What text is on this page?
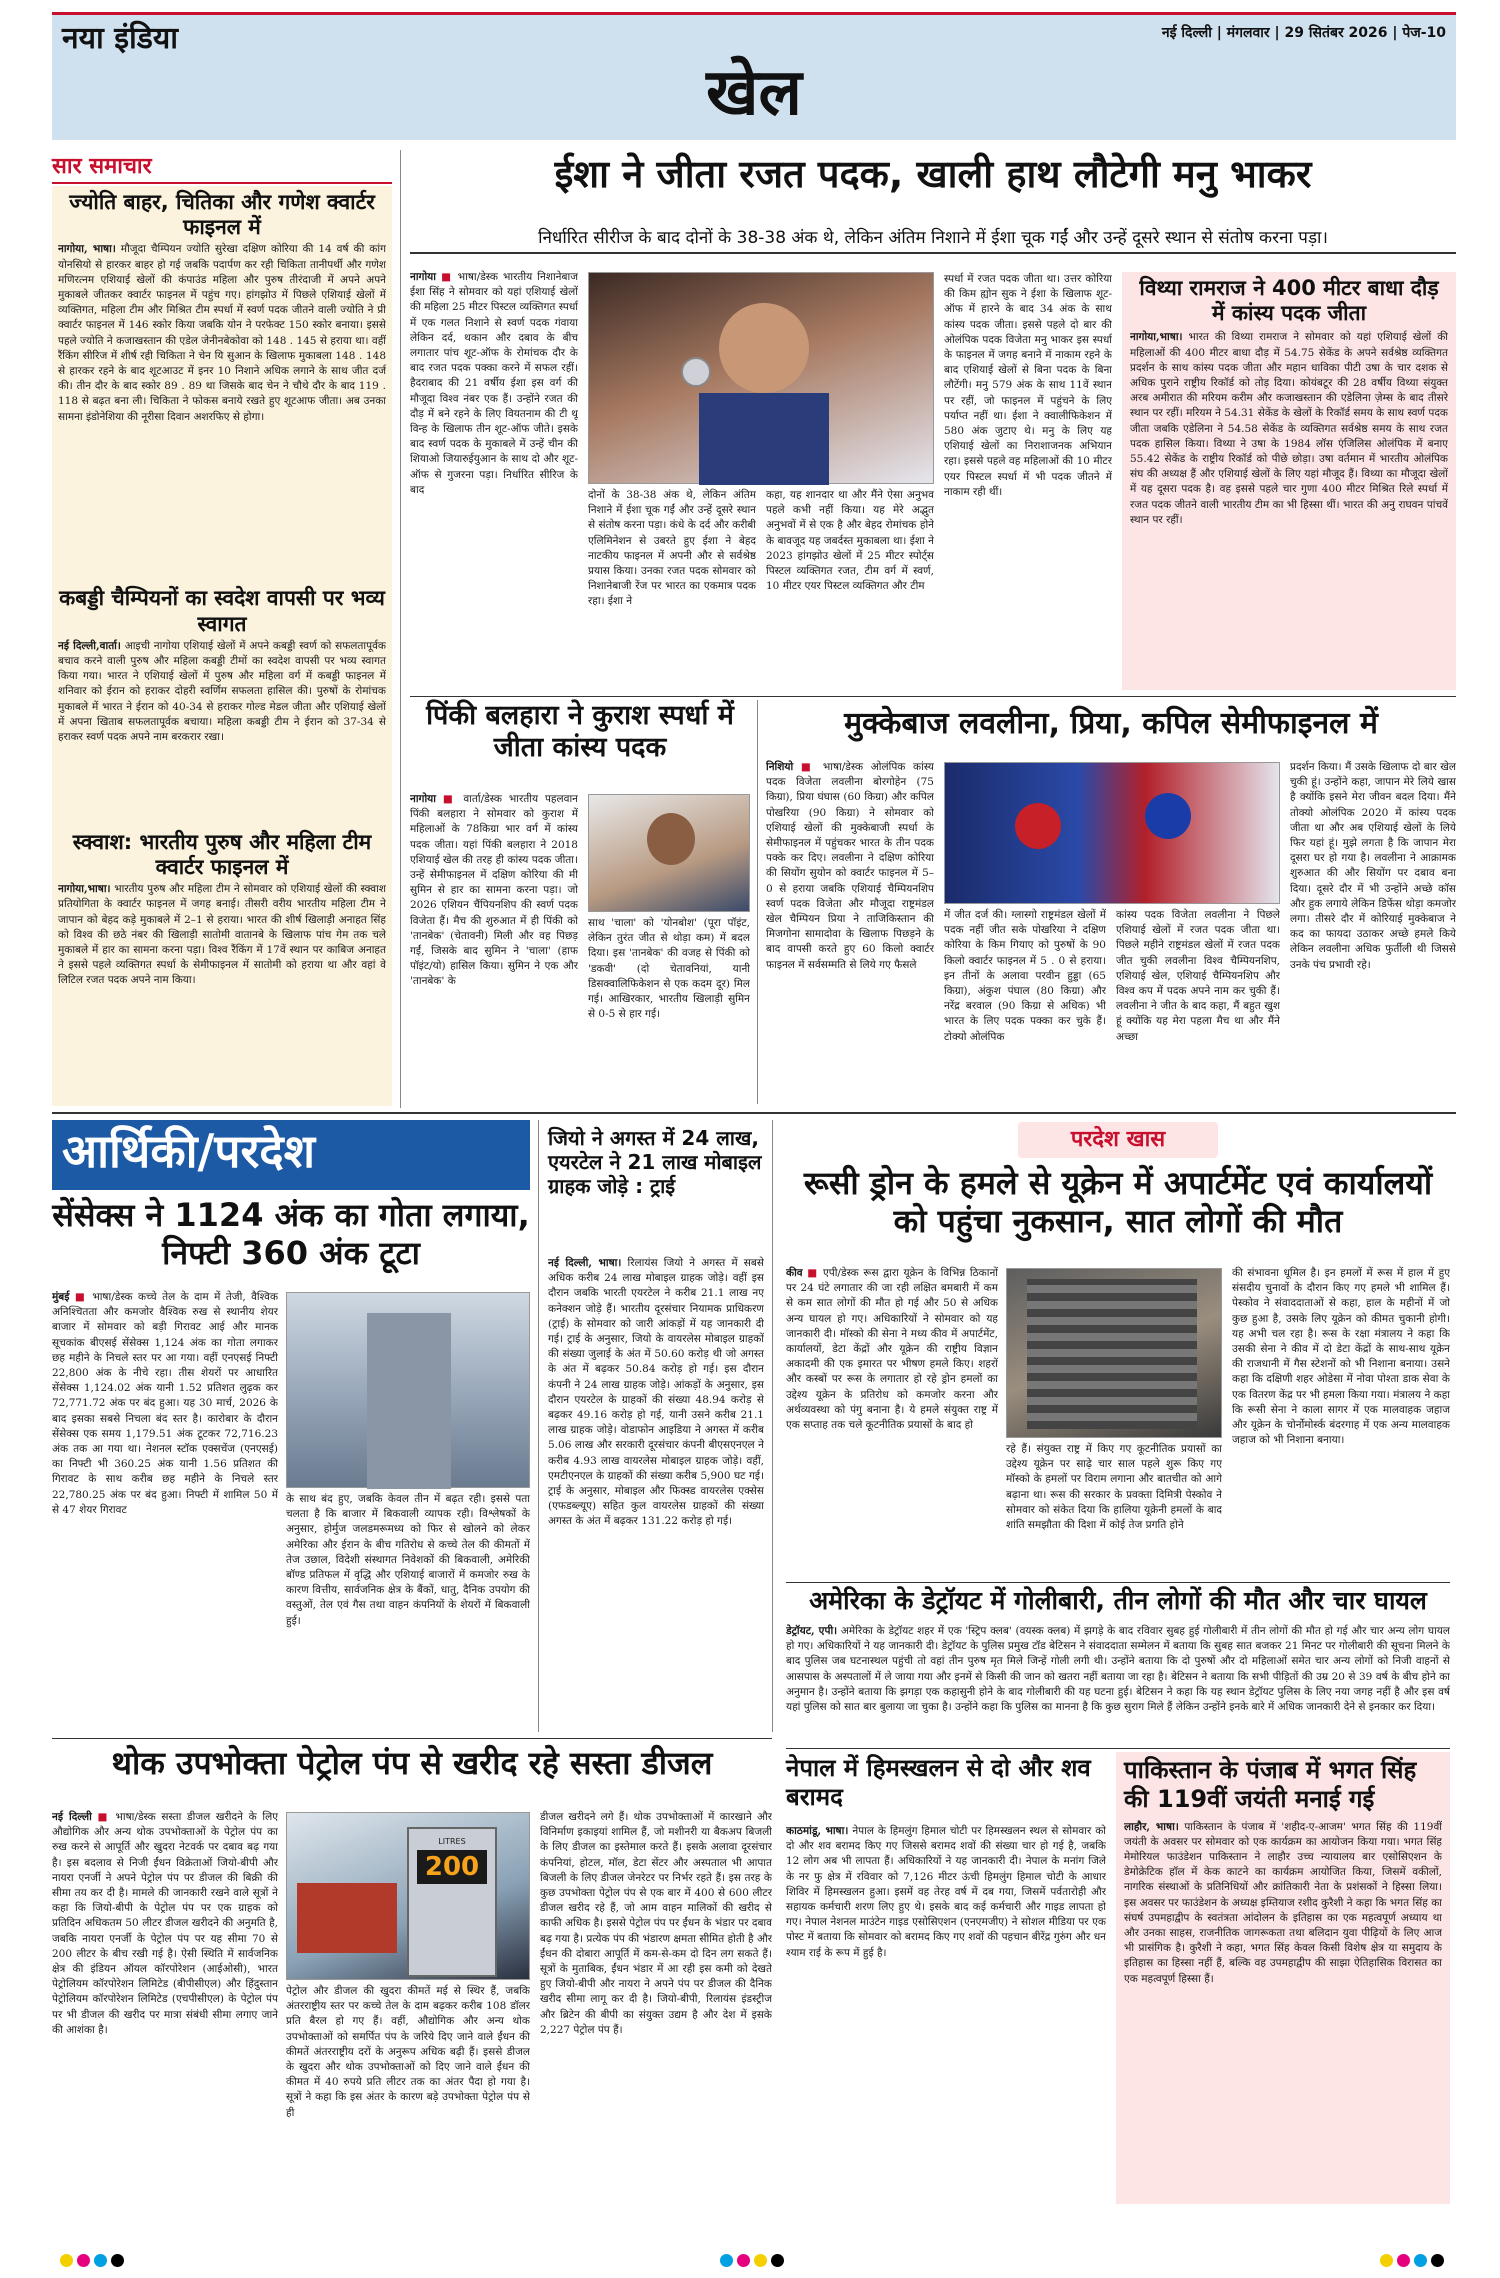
नया इंडिया	नई दिल्ली | मंगलवार | 29 सितंबर 2026 | पेज-10
खेल
सार समाचार
ज्योति बाहर, चितिका और गणेश क्वार्टर फाइनल में
नागोया, भाषा। मौजूदा चैम्पियन ज्योति सुरेखा दक्षिण कोरिया की 14 वर्ष की कांग योनसियो से हारकर बाहर हो गई जबकि पदार्पण कर रही चिकिता तानीपर्थी और गणेश मणिरत्नम एशियाई खेलों की कंपाउंड महिला और पुरुष तीरंदाजी में अपने अपने मुकाबले जीतकर क्वार्टर फाइनल में पहुंच गए। हांगझोउ में पिछले एशियाई खेलों में व्यक्तिगत, महिला टीम और मिश्रित टीम स्पर्धा में स्वर्ण पदक जीतने वाली ज्योति ने प्री क्वार्टर फाइनल में 146 स्कोर किया जबकि योन ने परफेक्ट 150 स्कोर बनाया। इससे पहले ज्योति ने कजाखस्तान की एडेल जेनीनबेकोवा को 148 . 145 से हराया था। वहीं रैंकिंग सीरिज में शीर्ष रही चिकिता ने चेन यि सुआन के खिलाफ मुकाबला 148 . 148 से हारकर रहने के बाद शूटआउट में इनर 10 निशाने अधिक लगाने के साथ जीत दर्ज की। तीन दौर के बाद स्कोर 89 . 89 था जिसके बाद चेन ने चौथे दौर के बाद 119 . 118 से बढ़त बना ली। चिकिता ने फोकस बनाये रखते हुए शूटआफ जीता। अब उनका सामना इंडोनेशिया की नूरीसा दिवान अशरफिए से होगा।
कबड्डी चैम्पियनों का स्वदेश वापसी पर भव्य स्वागत
नई दिल्ली,वार्ता। आइची नागोया एशियाई खेलों में अपने कबड्डी स्वर्ण को सफलतापूर्वक बचाव करने वाली पुरुष और महिला कबड्डी टीमों का स्वदेश वापसी पर भव्य स्वागत किया गया। भारत ने एशियाई खेलों में पुरुष और महिला वर्ग में कबड्डी फाइनल में शनिवार को ईरान को हराकर दोहरी स्वर्णिम सफलता हासिल की। पुरुषों के रोमांचक मुकाबले में भारत ने ईरान को 40-34 से हराकर गोल्ड मेडल जीता और एशियाई खेलों में अपना खिताब सफलतापूर्वक बचाया। महिला कबड्डी टीम ने ईरान को 37-34 से हराकर स्वर्ण पदक अपने नाम बरकरार रखा।
स्क्वाश: भारतीय पुरुष और महिला टीम क्वार्टर फाइनल में
नागोया,भाषा। भारतीय पुरुष और महिला टीम ने सोमवार को एशियाई खेलों की स्क्वाश प्रतियोगिता के क्वार्टर फाइनल में जगह बनाई। तीसरी वरीय भारतीय महिला टीम ने जापान को बेहद कड़े मुकाबले में 2–1 से हराया। भारत की शीर्ष खिलाड़ी अनाहत सिंह को विश्व की छठे नंबर की खिलाड़ी सातोमी वातानबे के खिलाफ पांच गेम तक चले मुकाबले में हार का सामना करना पड़ा। विश्व रैंकिंग में 17वें स्थान पर काबिज अनाहत ने इससे पहले व्यक्तिगत स्पर्धा के सेमीफाइनल में सातोमी को हराया था और वहां वे लिटिल रजत पदक अपने नाम किया।
ईशा ने जीता रजत पदक, खाली हाथ लौटेगी मनु भाकर
निर्धारित सीरीज के बाद दोनों के 38-38 अंक थे, लेकिन अंतिम निशाने में ईशा चूक गईं और उन्हें दूसरे स्थान से संतोष करना पड़ा।
नागोया ■ भाषा/डेस्क भारतीय निशानेबाज ईशा सिंह ने सोमवार को यहां एशियाई खेलों की महिला 25 मीटर पिस्टल व्यक्तिगत स्पर्धा में एक गलत निशाने से स्वर्ण पदक गंवाया लेकिन दर्द, थकान और दबाव के बीच लगातार पांच शूट-ऑफ के रोमांचक दौर के बाद रजत पदक पक्का करने में सफल रहीं। हैदराबाद की 21 वर्षीय ईशा इस वर्ग की मौजूदा विश्व नंबर एक हैं। उन्होंने रजत की दौड़ में बने रहने के लिए वियतनाम की टी थू विन्ह के खिलाफ तीन शूट-ऑफ जीते। इसके बाद स्वर्ण पदक के मुकाबले में उन्हें चीन की शियाओ जियारुईयुआन के साथ दो और शूट-ऑफ से गुजरना पड़ा। निर्धारित सीरिज के बाद	दोनों के 38-38 अंक थे, लेकिन अंतिम निशाने में ईशा चूक गईं और उन्हें दूसरे स्थान से संतोष करना पड़ा। कंधे के दर्द और करीबी एलिमिनेशन से उबरते हुए ईशा ने बेहद नाटकीय फाइनल में अपनी और से सर्वश्रेष्ठ प्रयास किया। उनका रजत पदक सोमवार को निशानेबाजी रेंज पर भारत का एकमात्र पदक रहा। ईशा ने
कहा, यह शानदार था और मैंने ऐसा अनुभव पहले कभी नहीं किया। यह मेरे अद्भुत अनुभवों में से एक है और बेहद रोमांचक होने के बावजूद यह जबर्दस्त मुकाबला था। ईशा ने 2023 हांगझोउ खेलों में 25 मीटर स्पोर्ट्स पिस्टल व्यक्तिगत रजत, टीम वर्ग में स्वर्ण, 10 मीटर एयर पिस्टल व्यक्तिगत और टीम
स्पर्धा में रजत पदक जीता था। उत्तर कोरिया की किम ह्योन सुक ने ईशा के खिलाफ शूट-ऑफ में हारने के बाद 34 अंक के साथ कांस्य पदक जीता। इससे पहले दो बार की ओलंपिक पदक विजेता मनु भाकर इस स्पर्धा के फाइनल में जगह बनाने में नाकाम रहने के बाद एशियाई खेलों से बिना पदक के बिना लौटेंगी। मनु 579 अंक के साथ 11वें स्थान पर रहीं, जो फाइनल में पहुंचने के लिए पर्याप्त नहीं था। ईशा ने क्वालीफिकेशन में 580 अंक जुटाए थे। मनु के लिए यह एशियाई खेलों का निराशाजनक अभियान रहा। इससे पहले वह महिलाओं की 10 मीटर एयर पिस्टल स्पर्धा में भी पदक जीतने में नाकाम रही थीं।
विथ्या रामराज ने 400 मीटर बाधा दौड़ में कांस्य पदक जीता
नागोया,भाषा। भारत की विथ्या रामराज ने सोमवार को यहां एशियाई खेलों की महिलाओं की 400 मीटर बाधा दौड़ में 54.75 सेकेंड के अपने सर्वश्रेष्ठ व्यक्तिगत प्रदर्शन के साथ कांस्य पदक जीता और महान धाविका पीटी उषा के चार दशक से अधिक पुराने राष्ट्रीय रिकॉर्ड को तोड़ दिया। कोयंबटूर की 28 वर्षीय विथ्या संयुक्त अरब अमीरात की मरियम करीम और कजाखस्तान की एडेलिना ज़ेम्स के बाद तीसरे स्थान पर रहीं। मरियम ने 54.31 सेकेंड के खेलों के रिकॉर्ड समय के साथ स्वर्ण पदक जीता जबकि एडेलिना ने 54.58 सेकेंड के व्यक्तिगत सर्वश्रेष्ठ समय के साथ रजत पदक हासिल किया। विथ्या ने उषा के 1984 लॉस एंजिलिस ओलंपिक में बनाए 55.42 सेकेंड के राष्ट्रीय रिकॉर्ड को पीछे छोड़ा। उषा वर्तमान में भारतीय ओलंपिक संघ की अध्यक्ष हैं और एशियाई खेलों के लिए यहां मौजूद हैं। विथ्या का मौजूदा खेलों में यह दूसरा पदक है। वह इससे पहले चार गुणा 400 मीटर मिश्रित रिले स्पर्धा में रजत पदक जीतने वाली भारतीय टीम का भी हिस्सा थीं। भारत की अनु राघवन पांचवें स्थान पर रहीं।
पिंकी बलहारा ने कुराश स्पर्धा में जीता कांस्य पदक
नागोया ■ वार्ता/डेस्क भारतीय पहलवान पिंकी बलहारा ने सोमवार को कुराश में महिलाओं के 78किग्रा भार वर्ग में कांस्य पदक जीता। यहां पिंकी बलहारा ने 2018 एशियाई खेल की तरह ही कांस्य पदक जीता। उन्हें सेमीफाइनल में दक्षिण कोरिया की मी सुमिन से हार का सामना करना पड़ा। जो 2026 एशियन चैंपियनशिप की स्वर्ण पदक विजेता हैं। मैच की शुरुआत में ही पिंकी को 'तानबेक' (चेतावनी) मिली और वह पिछड़ गईं, जिसके बाद सुमिन ने 'चाला' (हाफ पॉइंट/यो) हासिल किया। सुमिन ने एक और 'तानबेक' के
साथ 'चाला' को 'योनबोश' (पूरा पॉइंट, लेकिन तुरंत जीत से थोड़ा कम) में बदल दिया। इस 'तानबेक' की वजह से पिंकी को 'डकवी' (दो चेतावनियां, यानी डिसक्वालिफिकेशन से एक कदम दूर) मिल गई। आखिरकार, भारतीय खिलाड़ी सुमिन से 0-5 से हार गई।
मुक्केबाज लवलीना, प्रिया, कपिल सेमीफाइनल में
निशियो ■ भाषा/डेस्क ओलंपिक कांस्य पदक विजेता लवलीना बोरगोहेन (75 किग्रा), प्रिया घंघास (60 किग्रा) और कपिल पोखरिया (90 किग्रा) ने सोमवार को एशियाई खेलों की मुक्केबाजी स्पर्धा के सेमीफाइनल में पहुंचकर भारत के तीन पदक पक्के कर दिए। लवलीना ने दक्षिण कोरिया की सियोंग सुयोन को क्वार्टर फाइनल में 5–0 से हराया जबकि एशियाई चैम्पियनशिप स्वर्ण पदक विजेता और मौजूदा राष्ट्रमंडल खेल चैम्पियन प्रिया ने ताजिकिस्तान की मिजगोना सामादोवा के खिलाफ पिछड़ने के बाद वापसी करते हुए 60 किलो क्वार्टर फाइनल में सर्वसम्मति से लिये गए फैसले
में जीत दर्ज की। ग्लास्गो राष्ट्रमंडल खेलों में पदक नहीं जीत सके पोखरिया ने दक्षिण कोरिया के किम गियाए को पुरुषों के 90 किलो क्वार्टर फाइनल में 5 . 0 से हराया। इन तीनों के अलावा परवीन हुड्डा (65 किग्रा), अंकुश पंघाल (80 किग्रा) और नरेंद्र बरवाल (90 किग्रा से अधिक) भी भारत के लिए पदक पक्का कर चुके हैं। टोक्यो ओलंपिक
कांस्य पदक विजेता लवलीना ने पिछले एशियाई खेलों में रजत पदक जीता था। पिछले महीने राष्ट्रमंडल खेलों में रजत पदक जीत चुकी लवलीना विश्व चैम्पियनशिप, एशियाई खेल, एशियाई चैम्पियनशिप और विश्व कप में पदक अपने नाम कर चुकी हैं। लवलीना ने जीत के बाद कहा, मैं बहुत खुश हूं क्योंकि यह मेरा पहला मैच था और मैंने अच्छा
प्रदर्शन किया। मैं उसके खिलाफ दो बार खेल चुकी हूं। उन्होंने कहा, जापान मेरे लिये खास है क्योंकि इसने मेरा जीवन बदल दिया। मैंने तोक्यो ओलंपिक 2020 में कांस्य पदक जीता था और अब एशियाई खेलों के लिये फिर यहां हूं। मुझे लगता है कि जापान मेरा दूसरा घर हो गया है। लवलीना ने आक्रामक शुरुआत की और सियोंग पर दबाव बना दिया। दूसरे दौर में भी उन्होंने अच्छे कॉस और हुक लगाये लेकिन डिफेंस थोड़ा कमजोर लगा। तीसरे दौर में कोरियाई मुक्केबाज ने कद का फायदा उठाकर अच्छे हमले किये लेकिन लवलीना अधिक फुर्तीली थी जिससे उनके पंच प्रभावी रहे।
आर्थिकी/परदेश
सेंसेक्स ने 1124 अंक का गोता लगाया, निफ्टी 360 अंक टूटा
मुंबई ■ भाषा/डेस्क कच्चे तेल के दाम में तेजी, वैश्विक अनिश्चितता और कमजोर वैश्विक रुख से स्थानीय शेयर बाजार में सोमवार को बड़ी गिरावट आई और मानक सूचकांक बीएसई सेंसेक्स 1,124 अंक का गोता लगाकर छह महीने के निचले स्तर पर आ गया। वहीं एनएसई निफ्टी 22,800 अंक के नीचे रहा। तीस शेयरों पर आधारित सेंसेक्स 1,124.02 अंक यानी 1.52 प्रतिशत लुढ़क कर 72,771.72 अंक पर बंद हुआ। यह 30 मार्च, 2026 के बाद इसका सबसे निचला बंद स्तर है। कारोबार के दौरान सेंसेक्स एक समय 1,179.51 अंक टूटकर 72,716.23 अंक तक आ गया था। नेशनल स्टॉक एक्सचेंज (एनएसई) का निफ्टी भी 360.25 अंक यानी 1.56 प्रतिशत की गिरावट के साथ करीब छह महीने के निचले स्तर 22,780.25 अंक पर बंद हुआ। निफ्टी में शामिल 50 में से 47 शेयर गिरावट
के साथ बंद हुए, जबकि केवल तीन में बढ़त रही। इससे पता चलता है कि बाजार में बिकवाली व्यापक रही। विश्लेषकों के अनुसार, होर्मुज जलडमरूमध्य को फिर से खोलने को लेकर अमेरिका और ईरान के बीच गतिरोध से कच्चे तेल की कीमतों में तेज उछाल, विदेशी संस्थागत निवेशकों की बिकवाली, अमेरिकी बॉण्ड प्रतिफल में वृद्धि और एशियाई बाजारों में कमजोर रुख के कारण वित्तीय, सार्वजनिक क्षेत्र के बैंकों, धातु, दैनिक उपयोग की वस्तुओं, तेल एवं गैस तथा वाहन कंपनियों के शेयरों में बिकवाली हुई।
जियो ने अगस्त में 24 लाख, एयरटेल ने 21 लाख मोबाइल ग्राहक जोड़े : ट्राई
नई दिल्ली, भाषा। रिलायंस जियो ने अगस्त में सबसे अधिक करीब 24 लाख मोबाइल ग्राहक जोड़े। वहीं इस दौरान जबकि भारती एयरटेल ने करीब 21.1 लाख नए कनेक्शन जोड़े हैं। भारतीय दूरसंचार नियामक प्राधिकरण (ट्राई) के सोमवार को जारी आंकड़ों में यह जानकारी दी गई। ट्राई के अनुसार, जियो के वायरलेस मोबाइल ग्राहकों की संख्या जुलाई के अंत में 50.60 करोड़ थी जो अगस्त के अंत में बढ़कर 50.84 करोड़ हो गई। इस दौरान कंपनी ने 24 लाख ग्राहक जोड़े। आंकड़ों के अनुसार, इस दौरान एयरटेल के ग्राहकों की संख्या 48.94 करोड़ से बढ़कर 49.16 करोड़ हो गई, यानी उसने करीब 21.1 लाख ग्राहक जोड़े। वोडाफोन आइडिया ने अगस्त में करीब 5.06 लाख और सरकारी दूरसंचार कंपनी बीएसएनएल ने करीब 4.93 लाख वायरलेस मोबाइल ग्राहक जोड़े। वहीं, एमटीएनएल के ग्राहकों की संख्या करीब 5,900 घट गई। ट्राई के अनुसार, मोबाइल और फिक्स्ड वायरलेस एक्सेस (एफडब्ल्यूए) सहित कुल वायरलेस ग्राहकों की संख्या अगस्त के अंत में बढ़कर 131.22 करोड़ हो गई।
परदेश खास
रूसी ड्रोन के हमले से यूक्रेन में अपार्टमेंट एवं कार्यालयों को पहुंचा नुकसान, सात लोगों की मौत
कीव ■ एपी/डेस्क रूस द्वारा यूक्रेन के विभिन्न ठिकानों पर 24 घंटे लगातार की जा रही लक्षित बमबारी में कम से कम सात लोगों की मौत हो गई और 50 से अधिक अन्य घायल हो गए। अधिकारियों ने सोमवार को यह जानकारी दी। मॉस्को की सेना ने मध्य कीव में अपार्टमेंट, कार्यालयों, डेटा केंद्रों और यूक्रेन की राष्ट्रीय विज्ञान अकादमी की एक इमारत पर भीषण हमले किए। शहरों और कस्बों पर रूस के लगातार हो रहे ड्रोन हमलों का उद्देश्य यूक्रेन के प्रतिरोध को कमजोर करना और अर्थव्यवस्था को पंगु बनाना है। ये हमले संयुक्त राष्ट्र में एक सप्ताह तक चले कूटनीतिक प्रयासों के बाद हो
रहे हैं। संयुक्त राष्ट्र में किए गए कूटनीतिक प्रयासों का उद्देश्य यूक्रेन पर साढ़े चार साल पहले शुरू किए गए मॉस्को के हमलों पर विराम लगाना और बातचीत को आगे बढ़ाना था। रूस की सरकार के प्रवक्ता दिमित्री पेस्कोव ने सोमवार को संकेत दिया कि हालिया यूक्रेनी हमलों के बाद शांति समझौता की दिशा में कोई तेज प्रगति होने
की संभावना धूमिल है। इन हमलों में रूस में हाल में हुए संसदीय चुनावों के दौरान किए गए हमले भी शामिल हैं। पेस्कोव ने संवाददाताओं से कहा, हाल के महीनों में जो कुछ हुआ है, उसके लिए यूक्रेन को कीमत चुकानी होगी। यह अभी चल रहा है। रूस के रक्षा मंत्रालय ने कहा कि उसकी सेना ने कीव में दो डेटा केंद्रों के साथ-साथ यूक्रेन की राजधानी में गैस स्टेशनों को भी निशाना बनाया। उसने कहा कि दक्षिणी शहर ओडेसा में नोवा पोश्ता डाक सेवा के एक वितरण केंद्र पर भी हमला किया गया। मंत्रालय ने कहा कि रूसी सेना ने काला सागर में एक मालवाहक जहाज और यूक्रेन के चोर्नोमोर्स्क बंदरगाह में एक अन्य मालवाहक जहाज को भी निशाना बनाया।
अमेरिका के डेट्रॉयट में गोलीबारी, तीन लोगों की मौत और चार घायल
डेट्रॉयट, एपी। अमेरिका के डेट्रॉयट शहर में एक 'स्ट्रिप क्लब' (वयस्क क्लब) में झगड़े के बाद रविवार सुबह हुई गोलीबारी में तीन लोगों की मौत हो गई और चार अन्य लोग घायल हो गए। अधिकारियों ने यह जानकारी दी। डेट्रॉयट के पुलिस प्रमुख टॉड बेटिसन ने संवाददाता सम्मेलन में बताया कि सुबह सात बजकर 21 मिनट पर गोलीबारी की सूचना मिलने के बाद पुलिस जब घटनास्थल पहुंची तो वहां तीन पुरुष मृत मिले जिन्हें गोली लगी थी। उन्होंने बताया कि दो पुरुषों और दो महिलाओं समेत चार अन्य लोगों को निजी वाहनों से आसपास के अस्पतालों में ले जाया गया और इनमें से किसी की जान को खतरा नहीं बताया जा रहा है। बेटिसन ने बताया कि सभी पीड़ितों की उम्र 20 से 39 वर्ष के बीच होने का अनुमान है। उन्होंने बताया कि झगड़ा एक कहासुनी होने के बाद गोलीबारी की यह घटना हुई। बेटिसन ने कहा कि यह स्थान डेट्रॉयट पुलिस के लिए नया जगह नहीं है और इस वर्ष यहां पुलिस को सात बार बुलाया जा चुका है। उन्होंने कहा कि पुलिस का मानना है कि कुछ सुराग मिले हैं लेकिन उन्होंने इनके बारे में अधिक जानकारी देने से इनकार कर दिया।
नेपाल में हिमस्खलन से दो और शव बरामद
काठमांडू, भाषा। नेपाल के हिमलुंग हिमाल चोटी पर हिमस्खलन स्थल से सोमवार को दो और शव बरामद किए गए जिससे बरामद शवों की संख्या चार हो गई है, जबकि 12 लोग अब भी लापता हैं। अधिकारियों ने यह जानकारी दी। नेपाल के मनांग जिले के नर फु क्षेत्र में रविवार को 7,126 मीटर ऊंची हिमलुंग हिमाल चोटी के आधार शिविर में हिमस्खलन हुआ। इसमें वह तेरह वर्ष में दब गया, जिसमें पर्वतारोही और सहायक कर्मचारी शरण लिए हुए थे। इसके बाद कई कर्मचारी और गाइड लापता हो गए। नेपाल नेशनल माउंटेन गाइड एसोसिएशन (एनएमजीए) ने सोशल मीडिया पर एक पोस्ट में बताया कि सोमवार को बरामद किए गए शवों की पहचान बीरेंद्र गुरुंग और धन श्याम राई के रूप में हुई है।
पाकिस्तान के पंजाब में भगत सिंह की 119वीं जयंती मनाई गई
लाहौर, भाषा। पाकिस्तान के पंजाब में 'शहीद-ए-आजम' भगत सिंह की 119वीं जयंती के अवसर पर सोमवार को एक कार्यक्रम का आयोजन किया गया। भगत सिंह मेमोरियल फाउंडेशन पाकिस्तान ने लाहौर उच्च न्यायालय बार एसोसिएशन के डेमोक्रेटिक हॉल में केक काटने का कार्यक्रम आयोजित किया, जिसमें वकीलों, नागरिक संस्थाओं के प्रतिनिधियों और क्रांतिकारी नेता के प्रशंसकों ने हिस्सा लिया। इस अवसर पर फाउंडेशन के अध्यक्ष इम्तियाज रशीद कुरैशी ने कहा कि भगत सिंह का संघर्ष उपमहाद्वीप के स्वतंत्रता आंदोलन के इतिहास का एक महत्वपूर्ण अध्याय था और उनका साहस, राजनीतिक जागरूकता तथा बलिदान युवा पीढ़ियों के लिए आज भी प्रासंगिक है। कुरैशी ने कहा, भगत सिंह केवल किसी विशेष क्षेत्र या समुदाय के इतिहास का हिस्सा नहीं हैं, बल्कि वह उपमहाद्वीप की साझा ऐतिहासिक विरासत का एक महत्वपूर्ण हिस्सा हैं।
थोक उपभोक्ता पेट्रोल पंप से खरीद रहे सस्ता डीजल
नई दिल्ली ■ भाषा/डेस्क सस्ता डीजल खरीदने के लिए औद्योगिक और अन्य थोक उपभोक्ताओं के पेट्रोल पंप का रुख करने से आपूर्ति और खुदरा नेटवर्क पर दबाव बढ़ गया है। इस बदलाव से निजी ईंधन विक्रेताओं जियो-बीपी और नायरा एनर्जी ने अपने पेट्रोल पंप पर डीजल की बिक्री की सीमा तय कर दी है। मामले की जानकारी रखने वाले सूत्रों ने कहा कि जियो-बीपी के पेट्रोल पंप पर एक ग्राहक को प्रतिदिन अधिकतम 50 लीटर डीजल खरीदने की अनुमति है, जबकि नायरा एनर्जी के पेट्रोल पंप पर यह सीमा 70 से 200 लीटर के बीच रखी गई है। ऐसी स्थिति में सार्वजनिक क्षेत्र की इंडियन ऑयल कॉरपोरेशन (आईओसी), भारत पेट्रोलियम कॉरपोरेशन लिमिटेड (बीपीसीएल) और हिंदुस्तान पेट्रोलियम कॉरपोरेशन लिमिटेड (एचपीसीएल) के पेट्रोल पंप पर भी डीजल की खरीद पर मात्रा संबंधी सीमा लगाए जाने की आशंका है।
LITRES
200
पेट्रोल और डीजल की खुदरा कीमतें मई से स्थिर हैं, जबकि अंतरराष्ट्रीय स्तर पर कच्चे तेल के दाम बढ़कर करीब 108 डॉलर प्रति बैरल हो गए हैं। वहीं, औद्योगिक और अन्य थोक उपभोक्ताओं को समर्पित पंप के जरिये दिए जाने वाले ईंधन की कीमतें अंतरराष्ट्रीय दरों के अनुरूप अधिक बढ़ी हैं। इससे डीजल के खुदरा और थोक उपभोक्ताओं को दिए जाने वाले ईंधन की कीमत में 40 रुपये प्रति लीटर तक का अंतर पैदा हो गया है। सूत्रों ने कहा कि इस अंतर के कारण बड़े उपभोक्ता पेट्रोल पंप से ही
डीजल खरीदने लगे हैं। थोक उपभोक्ताओं में कारखाने और विनिर्माण इकाइयां शामिल हैं, जो मशीनरी या बैकअप बिजली के लिए डीजल का इस्तेमाल करते हैं। इसके अलावा दूरसंचार कंपनियां, होटल, मॉल, डेटा सेंटर और अस्पताल भी आपात बिजली के लिए डीजल जेनरेटर पर निर्भर रहते हैं। इस तरह के कुछ उपभोक्ता पेट्रोल पंप से एक बार में 400 से 600 लीटर डीजल खरीद रहे हैं, जो आम वाहन मालिकों की खरीद से काफी अधिक है। इससे पेट्रोल पंप पर ईंधन के भंडार पर दबाव बढ़ गया है। प्रत्येक पंप की भंडारण क्षमता सीमित होती है और ईंधन की दोबारा आपूर्ति में कम-से-कम दो दिन लग सकते हैं। सूत्रों के मुताबिक, ईंधन भंडार में आ रही इस कमी को देखते हुए जियो-बीपी और नायरा ने अपने पंप पर डीजल की दैनिक खरीद सीमा लागू कर दी है। जियो-बीपी, रिलायंस इंडस्ट्रीज और ब्रिटेन की बीपी का संयुक्त उद्यम है और देश में इसके 2,227 पेट्रोल पंप हैं।
